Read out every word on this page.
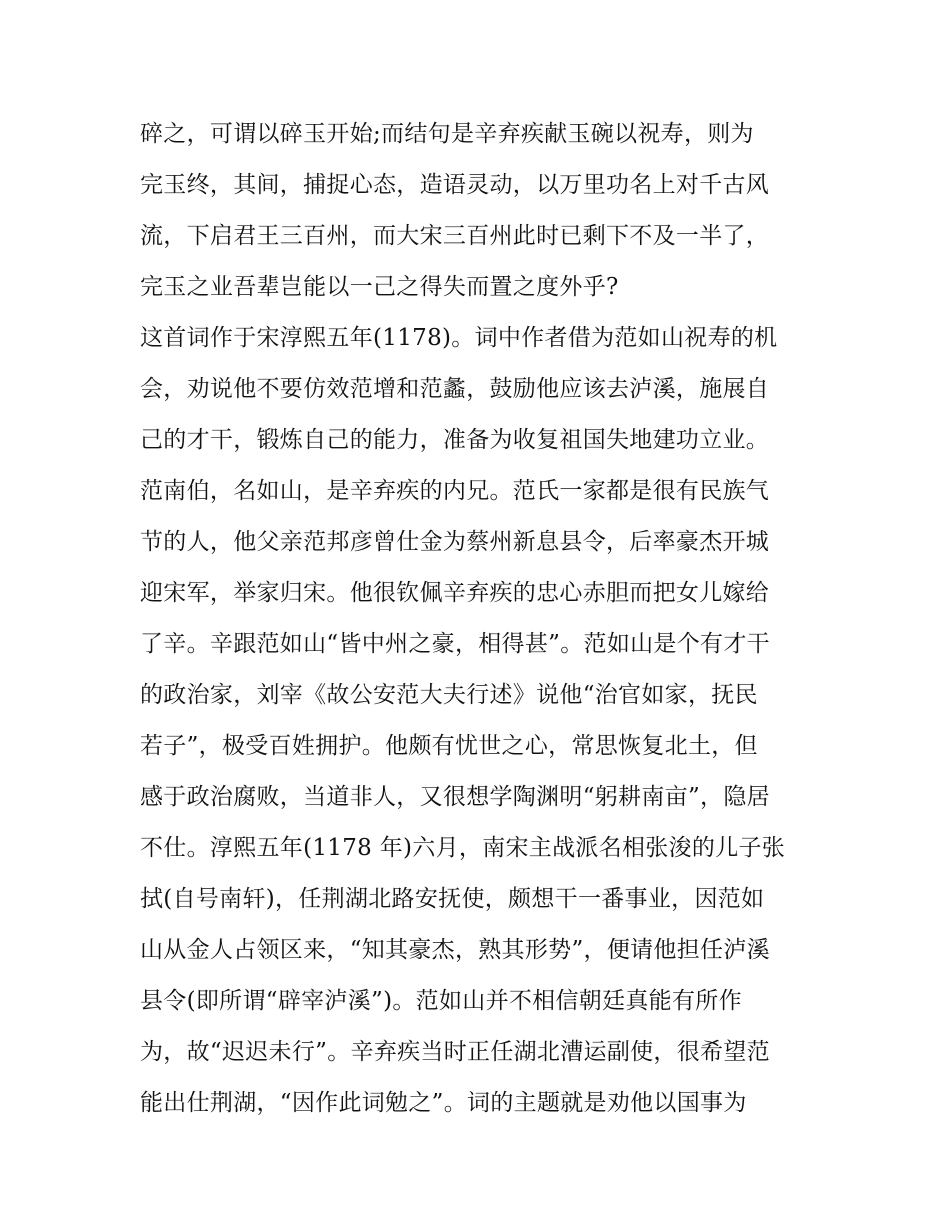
碎之，可谓以碎玉开始;而结句是辛弃疾献玉碗以祝寿，则为
完玉终，其间，捕捉心态，造语灵动，以万里功名上对千古风
流，下启君王三百州，而大宋三百州此时已剩下不及一半了，
完玉之业吾辈岂能以一己之得失而置之度外乎?
这首词作于宋淳熙五年(1178)。词中作者借为范如山祝寿的机
会，劝说他不要仿效范增和范蠡，鼓励他应该去泸溪，施展自
己的才干，锻炼自己的能力，准备为收复祖国失地建功立业。
范南伯，名如山，是辛弃疾的内兄。范氏一家都是很有民族气
节的人，他父亲范邦彦曾仕金为蔡州新息县令，后率豪杰开城
迎宋军，举家归宋。他很钦佩辛弃疾的忠心赤胆而把女儿嫁给
了辛。辛跟范如山“皆中州之豪，相得甚”。范如山是个有才干
的政治家，刘宰《故公安范大夫行述》说他“治官如家，抚民
若子”，极受百姓拥护。他颇有忧世之心，常思恢复北土，但
感于政治腐败，当道非人，又很想学陶渊明“躬耕南亩”，隐居
不仕。淳熙五年(1178 年)六月，南宋主战派名相张浚的儿子张
拭(自号南轩)，任荆湖北路安抚使，颇想干一番事业，因范如
山从金人占领区来，“知其豪杰，熟其形势”，便请他担任泸溪
县令(即所谓“辟宰泸溪”)。范如山并不相信朝廷真能有所作
为，故“迟迟未行”。辛弃疾当时正任湖北漕运副使，很希望范
能出仕荆湖，“因作此词勉之”。词的主题就是劝他以国事为
